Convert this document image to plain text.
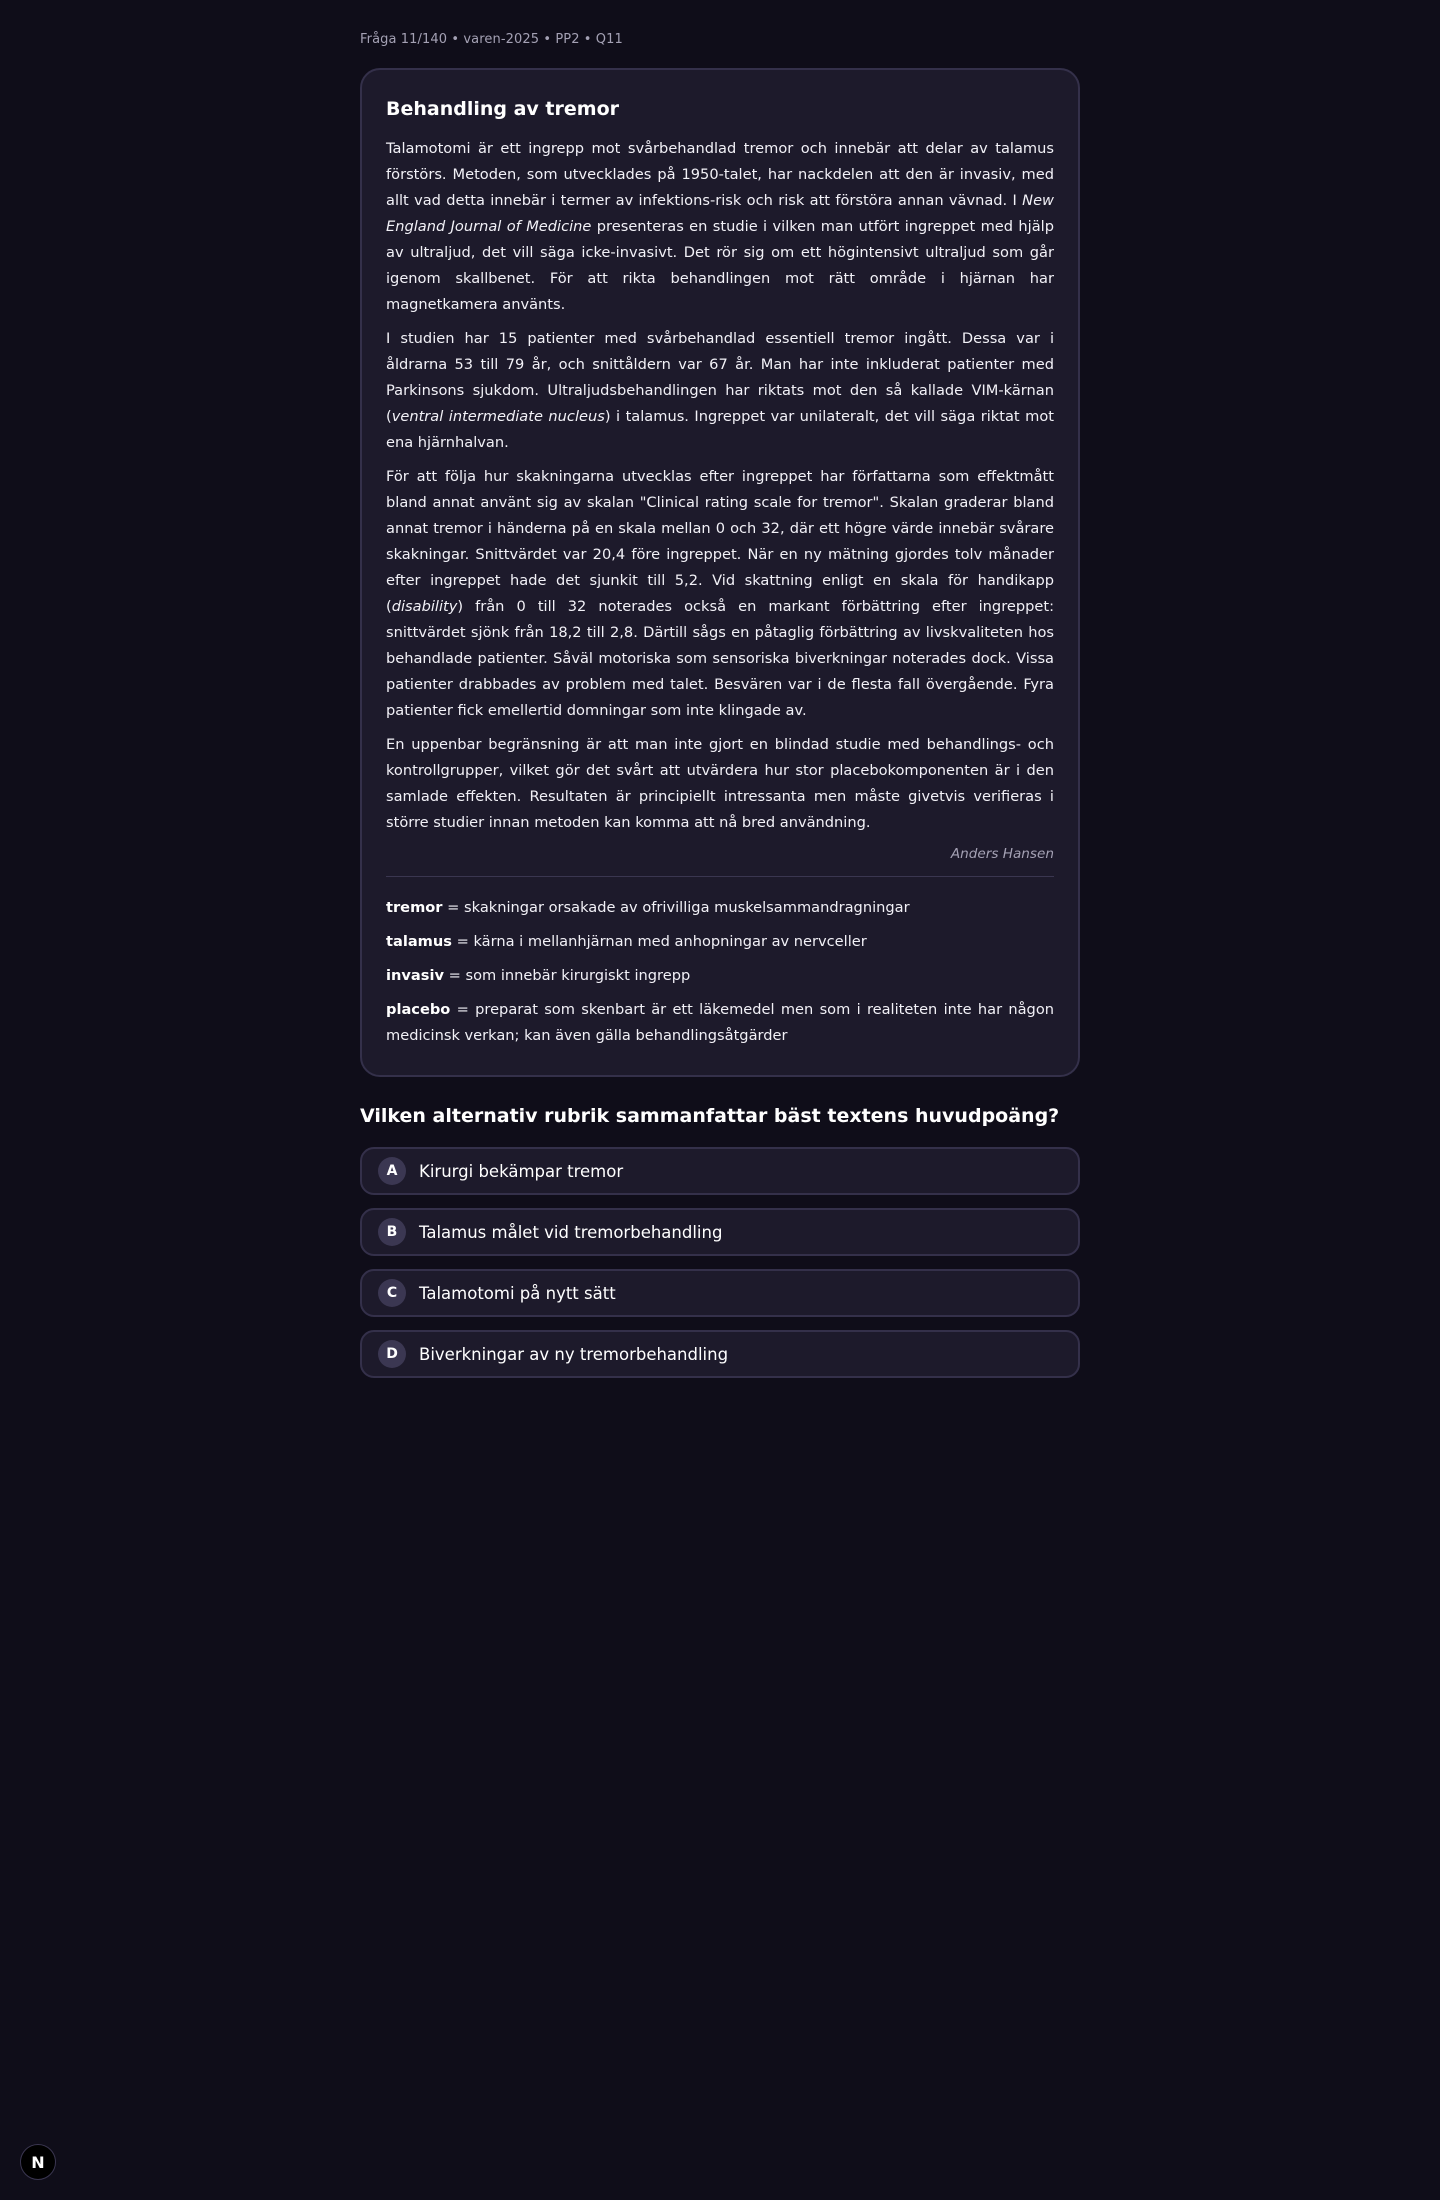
Fråga 11/140 • varen-2025 • PP2 • Q11
Behandling av tremor

Talamotomi är ett ingrepp mot svårbehandlad tremor och innebär att delar av talamus förstörs. Metoden, som utvecklades på 1950-talet, har nackdelen att den är invasiv, med allt vad detta innebär i termer av infektions-risk och risk att förstöra annan vävnad. I New England Journal of Medicine presenteras en studie i vilken man utfört ingreppet med hjälp av ultraljud, det vill säga icke-invasivt. Det rör sig om ett högintensivt ultraljud som går igenom skallbenet. För att rikta behandlingen mot rätt område i hjärnan har magnetkamera använts.

I studien har 15 patienter med svårbehandlad essentiell tremor ingått. Dessa var i åldrarna 53 till 79 år, och snittåldern var 67 år. Man har inte inkluderat patienter med Parkinsons sjukdom. Ultraljudsbehandlingen har riktats mot den så kallade VIM-kärnan (ventral intermediate nucleus) i talamus. Ingreppet var unilateralt, det vill säga riktat mot ena hjärnhalvan.

För att följa hur skakningarna utvecklas efter ingreppet har författarna som effektmått bland annat använt sig av skalan "Clinical rating scale for tremor". Skalan graderar bland annat tremor i händerna på en skala mellan 0 och 32, där ett högre värde innebär svårare skakningar. Snittvärdet var 20,4 före ingreppet. När en ny mätning gjordes tolv månader efter ingreppet hade det sjunkit till 5,2. Vid skattning enligt en skala för handikapp (disability) från 0 till 32 noterades också en markant förbättring efter ingreppet: snittvärdet sjönk från 18,2 till 2,8. Därtill sågs en påtaglig förbättring av livskvaliteten hos behandlade patienter. Såväl motoriska som sensoriska biverkningar noterades dock. Vissa patienter drabbades av problem med talet. Besvären var i de flesta fall övergående. Fyra patienter fick emellertid domningar som inte klingade av.

En uppenbar begränsning är att man inte gjort en blindad studie med behandlings- och kontrollgrupper, vilket gör det svårt att utvärdera hur stor placebokomponenten är i den samlade effekten. Resultaten är principiellt intressanta men måste givetvis verifieras i större studier innan metoden kan komma att nå bred användning.

Anders Hansen

tremor = skakningar orsakade av ofrivilliga muskelsammandragningar

talamus = kärna i mellanhjärnan med anhopningar av nervceller

invasiv = som innebär kirurgiskt ingrepp

placebo = preparat som skenbart är ett läkemedel men som i realiteten inte har någon medicinsk verkan; kan även gälla behandlingsåtgärder

Vilken alternativ rubrik sammanfattar bäst textens huvudpoäng?
A	Kirurgi bekämpar tremor
B	Talamus målet vid tremorbehandling
C	Talamotomi på nytt sätt
D	Biverkningar av ny tremorbehandling
N
